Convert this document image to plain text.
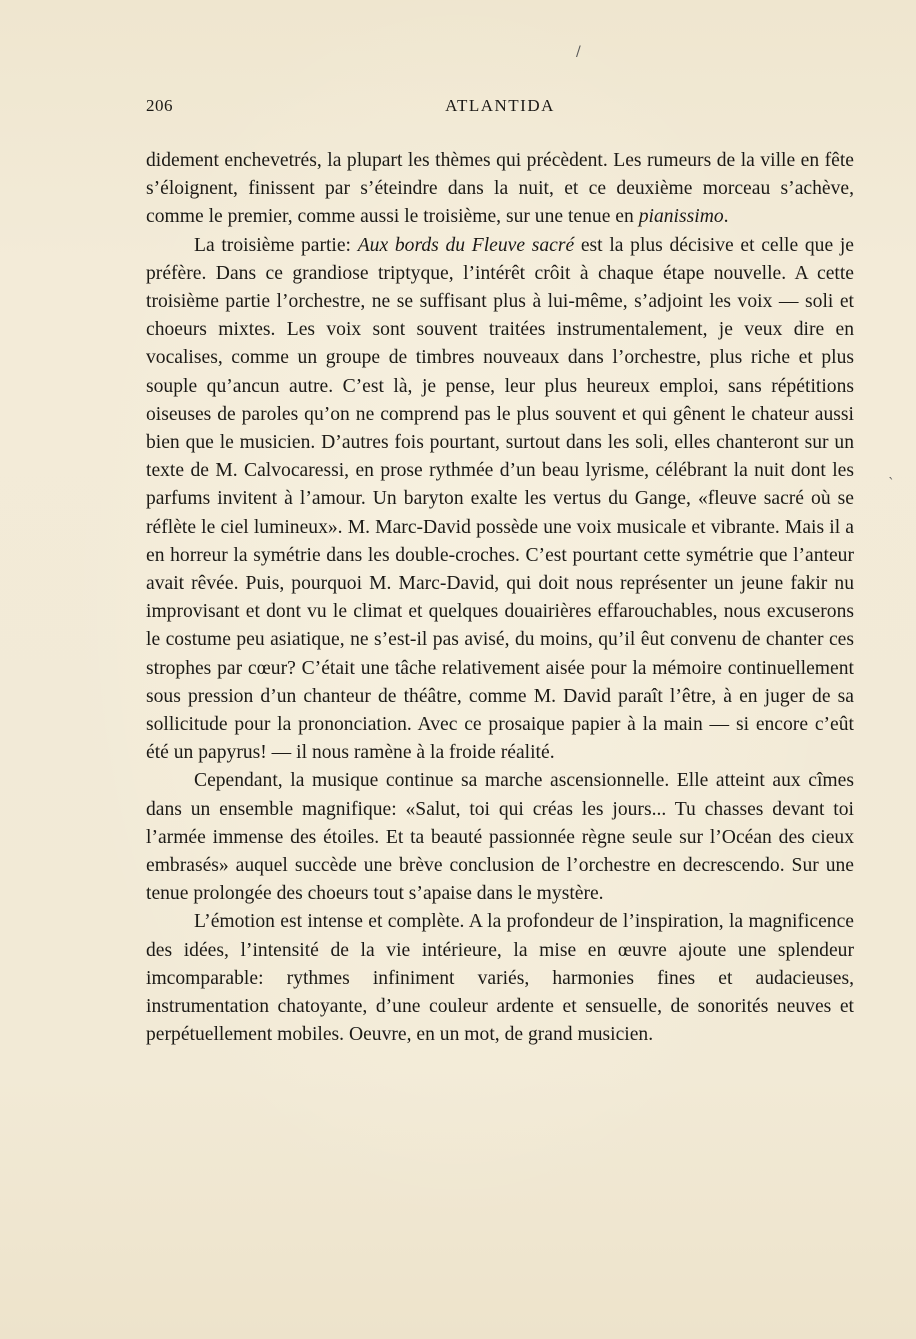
206	ATLANTIDA

didement enchevetrés, la plupart les thèmes qui précèdent. Les rumeurs de la ville en fête s’éloignent, finissent par s’éteindre dans la nuit, et ce deuxième morceau s’achève, comme le premier, comme aussi le troisième, sur une tenue en pianissimo.

La troisième partie: Aux bords du Fleuve sacré est la plus décisive et celle que je préfère. Dans ce grandiose triptyque, l’intérêt crôit à chaque étape nouvelle. A cette troisième partie l’orchestre, ne se suffisant plus à lui-même, s’adjoint les voix — soli et choeurs mixtes. Les voix sont souvent traitées instrumentalement, je veux dire en vocalises, comme un groupe de timbres nouveaux dans l’orchestre, plus riche et plus souple qu’ancun autre. C’est là, je pense, leur plus heureux emploi, sans répétitions oiseuses de paroles qu’on ne comprend pas le plus souvent et qui gênent le chateur aussi bien que le musicien. D’autres fois pourtant, surtout dans les soli, elles chanteront sur un texte de M. Calvocaressi, en prose rythmée d’un beau lyrisme, célébrant la nuit dont les parfums invitent à l’amour. Un baryton exalte les vertus du Gange, «fleuve sacré où se réflète le ciel lumineux». M. Marc-David possède une voix musicale et vibrante. Mais il a en horreur la symétrie dans les double-croches. C’est pourtant cette symétrie que l’anteur avait rêvée. Puis, pourquoi M. Marc-David, qui doit nous représenter un jeune fakir nu improvisant et dont vu le climat et quelques douairières effarouchables, nous excuserons le costume peu asiatique, ne s’est-il pas avisé, du moins, qu’il êut convenu de chanter ces strophes par cœur? C’était une tâche relativement aisée pour la mémoire continuellement sous pression d’un chanteur de théâtre, comme M. David paraît l’être, à en juger de sa sollicitude pour la prononciation. Avec ce prosaique papier à la main — si encore c’eût été un papyrus! — il nous ramène à la froide réalité.

Cependant, la musique continue sa marche ascensionnelle. Elle atteint aux cîmes dans un ensemble magnifique: «Salut, toi qui créas les jours... Tu chasses devant toi l’armée immense des étoiles. Et ta beauté passionnée règne seule sur l’Océan des cieux embrasés» auquel succède une brève conclusion de l’orchestre en decrescendo. Sur une tenue prolongée des choeurs tout s’apaise dans le mystère.

L’émotion est intense et complète. A la profondeur de l’inspiration, la magnificence des idées, l’intensité de la vie intérieure, la mise en œuvre ajoute une splendeur imcomparable: rythmes infiniment variés, harmonies fines et audacieuses, instrumentation chatoyante, d’une couleur ardente et sensuelle, de sonorités neuves et perpétuellement mobiles. Oeuvre, en un mot, de grand musicien.

/
`
